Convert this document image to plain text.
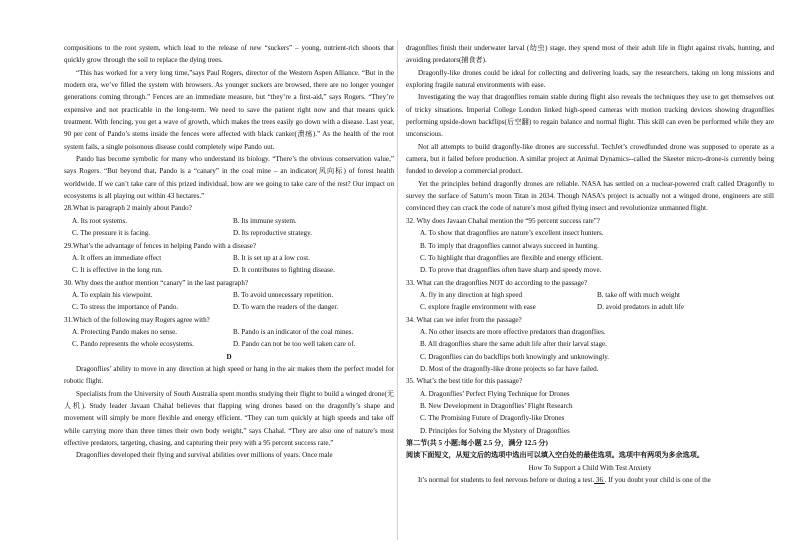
compositions to the root system, which lead to the release of new “suckers” – young, nutrient-rich shoots that quickly grow through the soil to replace the dying trees.

“This has worked for a very long time,”says Paul Rogers, director of the Western Aspen Alliance. “But in the modern era, we’ve filled the system with browsers. As younger suckers are browsed, there are no longer younger generations coming through.” Fences are an immediate measure, but “they’re a first-aid,” says Rogers. “They’re expensive and not practicable in the long-term. We need to save the patient right now and that means quick treatment. With fencing, you get a wave of growth, which makes the trees easily go down with a disease. Last year, 90 per cent of Pando’s stems inside the fences were affected with black canker(溃疡).” As the health of the root system fails, a single poisonous disease could completely wipe Pando out.

Pando has become symbolic for many who understand its biology. “There’s the obvious conservation value,” says Rogers. “But beyond that, Pando is a “canary” in the coal mine – an indicator(风向标) of forest health worldwide. If we can’t take care of this prized individual, how are we going to take care of the rest? Our impact on ecosystems is all playing out within 43 hectares.”

28.What is paragraph 2 mainly about Pando?

A. Its root systems.	B. Its immune system.
C. The pressure it is facing.	D. Its reproductive strategy.

29.What’s the advantage of fences in helping Pando with a disease?

A. It offers an immediate effect	B. It is set up at a low cost.
C. It is effective in the long run.	D. It contributes to fighting disease.

30. Why does the author mention “canary” in the last paragraph?

A. To explain his viewpoint.	B. To avoid unnecessary repetition.
C. To stress the importance of Pando.	D. To warn the readers of the danger.

31.Which of the following may Rogers agree with?

A. Protecting Pando makes no sense.	B. Pando is an indicator of the coal mines.
C. Pando represents the whole ecosystems.	D. Pando can not be too well taken care of.

D

Dragonflies’ ability to move in any direction at high speed or hang in the air makes them the perfect model for robotic flight.

Specialists from the University of South Australia spent months studying their flight to build a winged drone(无人机). Study leader Javaan Chahal believes that flapping wing drones based on the dragonfly’s shape and movement will simply be more flexible and energy efficient. “They can turn quickly at high speeds and take off while carrying more than three times their own body weight,” says Chahal. “They are also one of nature’s most effective predators, targeting, chasing, and capturing their prey with a 95 percent success rate.”

Dragonflies developed their flying and survival abilities over millions of years. Once male

dragonflies finish their underwater larval (幼虫) stage, they spend most of their adult life in flight against rivals, hunting, and avoiding predators(捕食者).

Dragonfly-like drones could be ideal for collecting and delivering loads, say the researchers, taking on long missions and exploring fragile natural environments with ease.

Investigating the way that dragonflies remain stable during flight also reveals the techniques they use to get themselves out of tricky situations. Imperial College London linked high-speed cameras with motion tracking devices showing dragonflies performing upside-down backflips(后空翻) to regain balance and normal flight. This skill can even be performed while they are unconscious.

Not all attempts to build dragonfly-like drones are successful. TechJet’s crowdfunded drone was supposed to operate as a camera, but it failed before production. A similar project at Animal Dynamics--called the Skeeter micro-drone-is currently being funded to develop a commercial product.

Yet the principles behind dragonfly drones are reliable. NASA has settled on a nuclear-powered craft called Dragonfly to survey the surface of Saturn’s moon Titan in 2034. Though NASA’s project is actually not a winged drone, engineers are still convinced they can crack the code of nature’s most gifted flying insect and revolutionize unmanned flight.

32. Why does Javaan Chahal mention the “95 percent success rate”?

A. To show that dragonflies are nature’s excellent insect hunters.
B. To imply that dragonflies cannot always succeed in hunting.
C. To highlight that dragonflies are flexible and energy efficient.
D. To prove that dragonflies often have sharp and speedy move.

33. What can the dragonflies NOT do according to the passage?

A. fly in any direction at high speed	B. take off with much weight
C. explore fragile environment with ease	D. avoid predators in adult life

34. What can we infer from the passage?

A. No other insects are more effective predators than dragonflies.
B. All dragonflies share the same adult life after their larval stage.
C. Dragonflies can do backflips both knowingly and unknowingly.
D. Most of the dragonfly-like drone projects so far have failed.

35. What’s the best title for this passage?

A. Dragonflies’ Perfect Flying Technique for Drones
B. New Development in Dragonflies’ Flight Research
C. The Promising Future of Dragonfly-like Drones
D. Principles for Solving the Mystery of Dragonflies

第二节(共 5 小题;每小题 2.5 分，满分 12.5 分)

阅读下面短文，从短文后的选项中选出可以填入空白处的最佳选项。选项中有两项为多余选项。

How To Support a Child With Test Anxiety

It’s normal for students to feel nervous before or during a test. 36 . If you doubt your child is one of the
